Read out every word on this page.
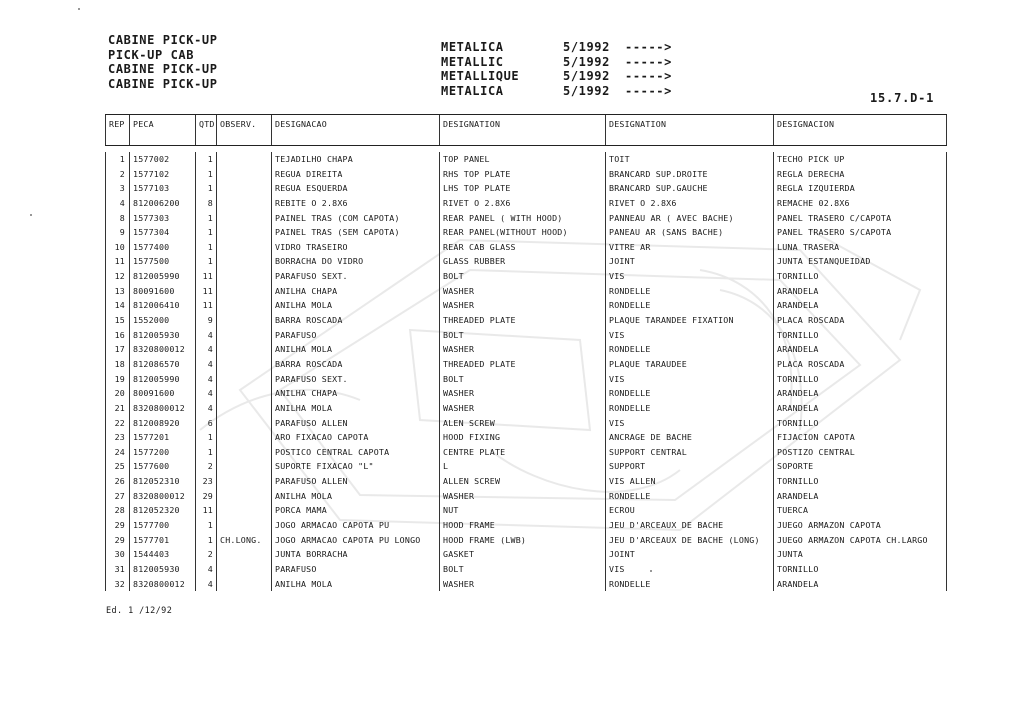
CABINE PICK-UP
PICK-UP CAB
CABINE PICK-UP
CABINE PICK-UP
METALICA	5/1992	----->
METALLIC	5/1992	----->
METALLIQUE	5/1992	----->
METALICA	5/1992	----->
15.7.D-1
REP	PECA	QTD OBSERV.	DESIGNACAO	DESIGNATION	DESIGNATION	DESIGNACION
1 1577002	1	TEJADILHO CHAPA	TOP PANEL	TOIT	TECHO PICK UP
2 1577102	1	REGUA DIREITA	RHS TOP PLATE	BRANCARD SUP.DROITE	REGLA DERECHA
3 1577103	1	REGUA ESQUERDA	LHS TOP PLATE	BRANCARD SUP.GAUCHE	REGLA IZQUIERDA
4 812006200	8	REBITE O 2.8X6	RIVET O 2.8X6	RIVET O 2.8X6	REMACHE 02.8X6
8 1577303	1	PAINEL TRAS (COM CAPOTA)	REAR PANEL ( WITH HOOD)	PANNEAU AR ( AVEC BACHE)	PANEL TRASERO C/CAPOTA
9 1577304	1	PAINEL TRAS (SEM CAPOTA)	REAR PANEL(WITHOUT HOOD)	PANEAU AR (SANS BACHE)	PANEL TRASERO S/CAPOTA
10 1577400	1	VIDRO TRASEIRO	REAR CAB GLASS	VITRE AR	LUNA TRASERA
11 1577500	1	BORRACHA DO VIDRO	GLASS RUBBER	JOINT	JUNTA ESTANQUEIDAD
12 812005990	11	PARAFUSO SEXT.	BOLT	VIS	TORNILLO
13 80091600	11	ANILHA CHAPA	WASHER	RONDELLE	ARANDELA
14 812006410	11	ANILHA MOLA	WASHER	RONDELLE	ARANDELA
15 1552000	9	BARRA ROSCADA	THREADED PLATE	PLAQUE TARANDEE FIXATION	PLACA ROSCADA
16 812005930	4	PARAFUSO	BOLT	VIS	TORNILLO
17 8320800012	4	ANILHA MOLA	WASHER	RONDELLE	ARANDELA
18 812086570	4	BARRA ROSCADA	THREADED PLATE	PLAQUE TARAUDEE	PLACA ROSCADA
19 812005990	4	PARAFUSO SEXT.	BOLT	VIS	TORNILLO
20 80091600	4	ANILHA CHAPA	WASHER	RONDELLE	ARANDELA
21 8320800012	4	ANILHA MOLA	WASHER	RONDELLE	ARANDELA
22 812008920	6	PARAFUSO ALLEN	ALEN SCREW	VIS	TORNILLO
23 1577201	1	ARO FIXACAO CAPOTA	HOOD FIXING	ANCRAGE DE BACHE	FIJACION CAPOTA
24 1577200	1	POSTICO CENTRAL CAPOTA	CENTRE PLATE	SUPPORT CENTRAL	POSTIZO CENTRAL
25 1577600	2	SUPORTE FIXACAO "L"	L	SUPPORT	SOPORTE
26 812052310	23	PARAFUSO ALLEN	ALLEN SCREW	VIS ALLEN	TORNILLO
27 8320800012	29	ANILHA MOLA	WASHER	RONDELLE	ARANDELA
28 812052320	11	PORCA MAMA	NUT	ECROU	TUERCA
29 1577700	1	JOGO ARMACAO CAPOTA PU	HOOD FRAME	JEU D'ARCEAUX DE BACHE	JUEGO ARMAZON CAPOTA
29 1577701	1 CH.LONG.	JOGO ARMACAO CAPOTA PU LONGO	HOOD FRAME (LWB)	JEU D'ARCEAUX DE BACHE (LONG)	JUEGO ARMAZON CAPOTA CH.LARGO
30 1544403	2	JUNTA BORRACHA	GASKET	JOINT	JUNTA
31 812005930	4	PARAFUSO	BOLT	VIS	TORNILLO
32 8320800012	4	ANILHA MOLA	WASHER	RONDELLE	ARANDELA
Ed. 1 /12/92
